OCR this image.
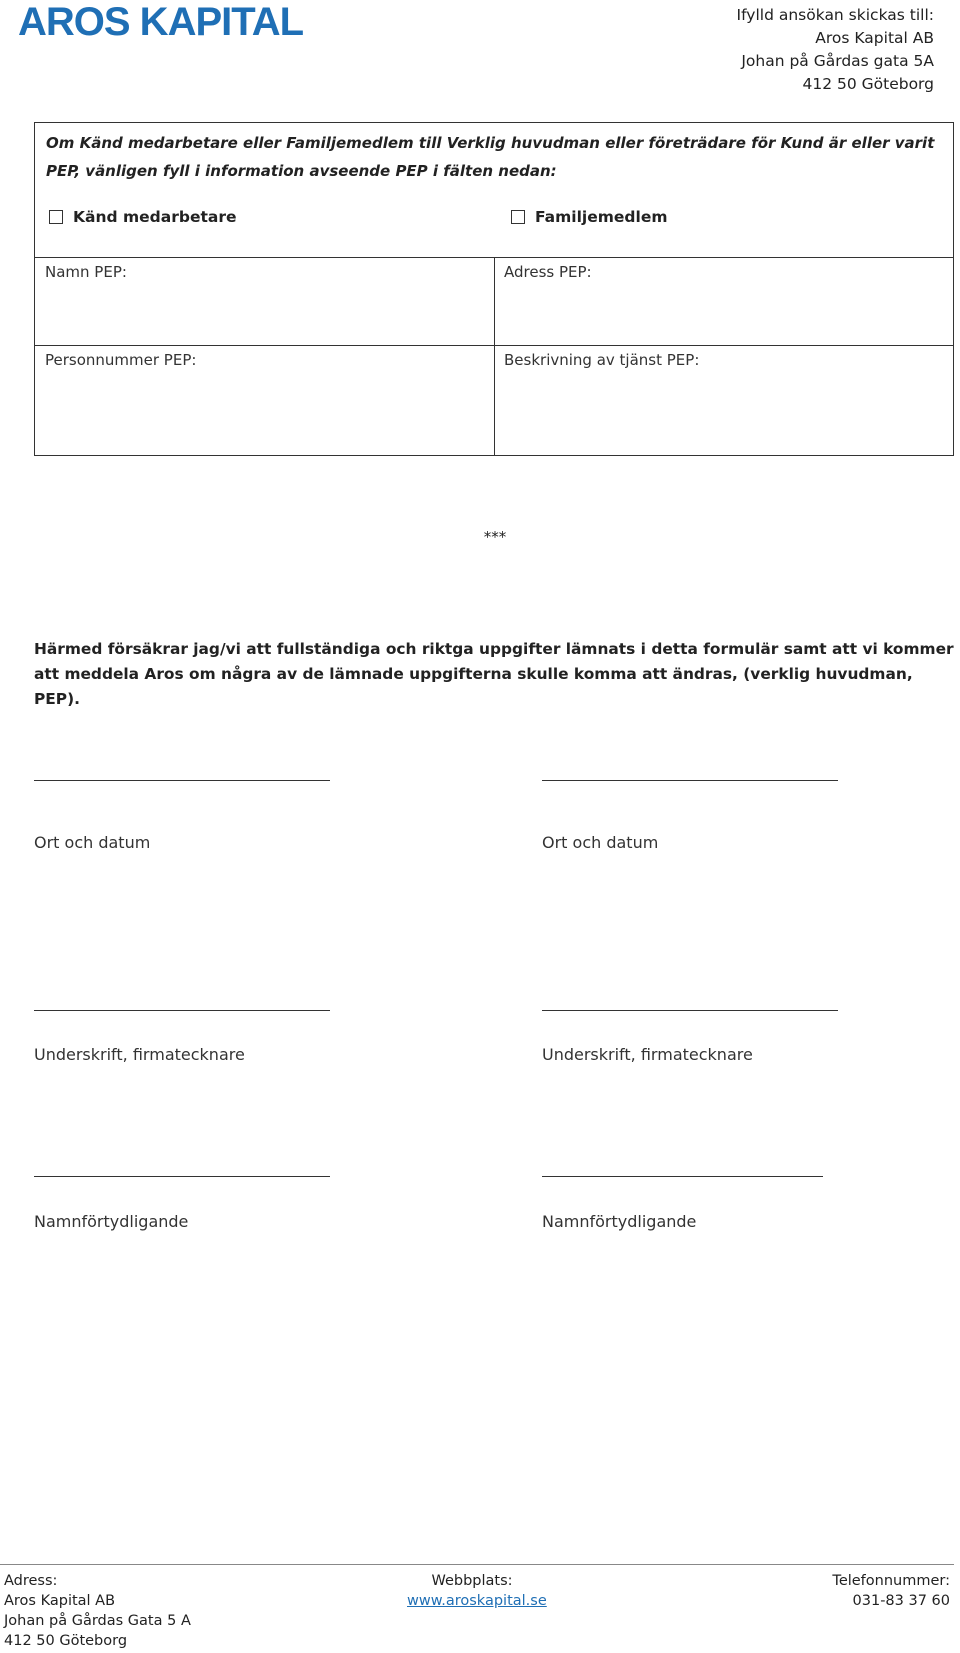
AROS KAPITAL	Ifylld ansökan skickas till:
Aros Kapital AB
Johan på Gårdas gata 5A
412 50 Göteborg
Om Känd medarbetare eller Familjemedlem till Verklig huvudman eller företrädare för Kund är eller varit PEP, vänligen fyll i information avseende PEP i fälten nedan:
Känd medarbetare	Familjemedlem
Namn PEP:	Adress PEP:
Personnummer PEP:	Beskrivning av tjänst PEP:
***
Härmed försäkrar jag/vi att fullständiga och riktga uppgifter lämnats i detta formulär samt att vi kommer att meddela Aros om några av de lämnade uppgifterna skulle komma att ändras, (verklig huvudman, PEP).
Ort och datum	Ort och datum
Underskrift, firmatecknare	Underskrift, firmatecknare
Namnförtydligande	Namnförtydligande
Adress:
Aros Kapital AB
Johan på Gårdas Gata 5 A
412 50 Göteborg
Webbplats:
www.aroskapital.se
Telefonnummer:
031-83 37 60
